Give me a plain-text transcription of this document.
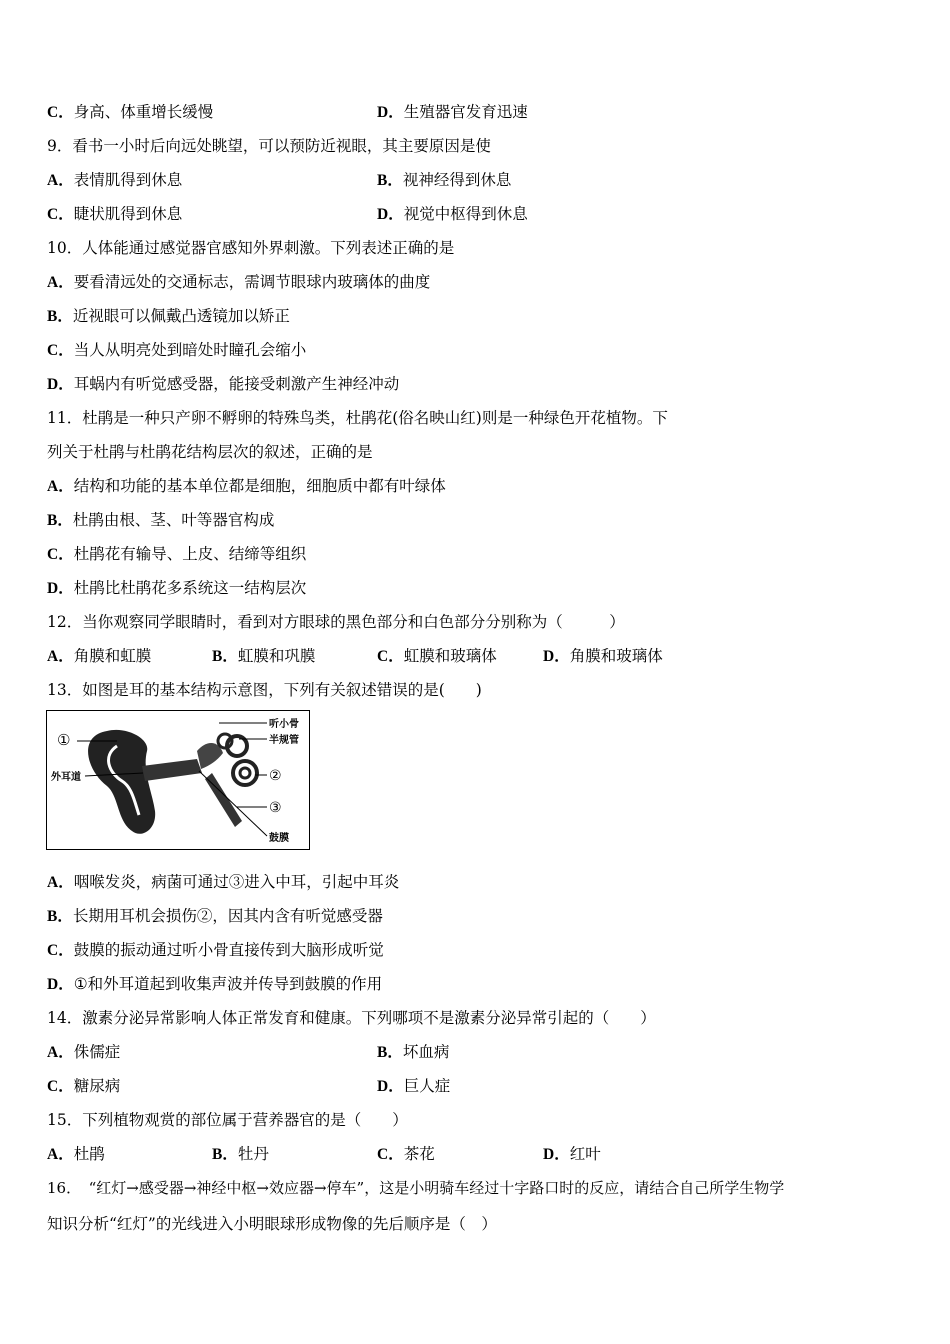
C．身高、体重增长缓慢	D．生殖器官发育迅速
9．看书一小时后向远处眺望，可以预防近视眼，其主要原因是使
A．表情肌得到休息	B．视神经得到休息
C．睫状肌得到休息	D．视觉中枢得到休息
10．人体能通过感觉器官感知外界刺激。下列表述正确的是
A．要看清远处的交通标志，需调节眼球内玻璃体的曲度
B．近视眼可以佩戴凸透镜加以矫正
C．当人从明亮处到暗处时瞳孔会缩小
D．耳蜗内有听觉感受器，能接受刺激产生神经冲动
11．杜鹃是一种只产卵不孵卵的特殊鸟类，杜鹃花(俗名映山红)则是一种绿色开花植物。下
列关于杜鹃与杜鹃花结构层次的叙述，正确的是
A．结构和功能的基本单位都是细胞，细胞质中都有叶绿体
B．杜鹃由根、茎、叶等器官构成
C．杜鹃花有输导、上皮、结缔等组织
D．杜鹃比杜鹃花多系统这一结构层次
12．当你观察同学眼睛时，看到对方眼球的黑色部分和白色部分分别称为（　　　）
A．角膜和虹膜	B．虹膜和巩膜	C．虹膜和玻璃体	D．角膜和玻璃体
13．如图是耳的基本结构示意图，下列有关叙述错误的是(　　)
①
外耳道
听小骨
半规管
②
③
鼓膜
A．咽喉发炎，病菌可通过③进入中耳，引起中耳炎
B．长期用耳机会损伤②，因其内含有听觉感受器
C．鼓膜的振动通过听小骨直接传到大脑形成听觉
D．①和外耳道起到收集声波并传导到鼓膜的作用
14．激素分泌异常影响人体正常发育和健康。下列哪项不是激素分泌异常引起的（　　）
A．侏儒症	B．坏血病
C．糖尿病	D．巨人症
15．下列植物观赏的部位属于营养器官的是（　　）
A．杜鹃	B．牡丹	C．茶花	D．红叶
16．　“红灯→感受器→神经中枢→效应器→停车”，这是小明骑车经过十字路口时的反应，请结合自己所学生物学
知识分析“红灯”的光线进入小明眼球形成物像的先后顺序是（　）
